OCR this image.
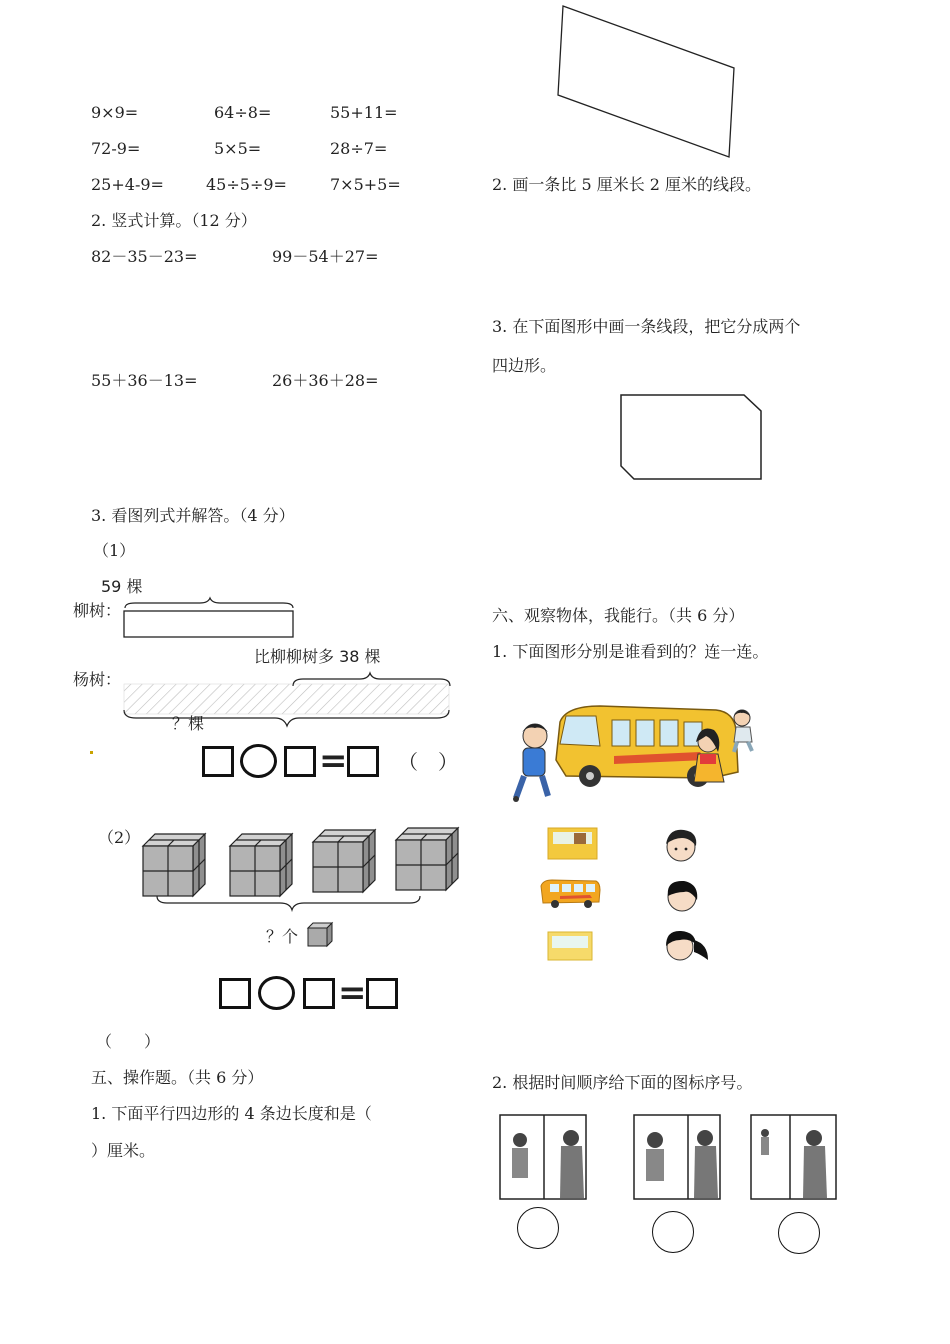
9×9=	64÷8=	55+11=
72-9=	5×5=	28÷7=
25+4-9=	45÷5÷9=	7×5+5=
2. 竖式计算。（12 分）
82－35－23=	99－54＋27=
55＋36－13=	26＋36＋28=
3. 看图列式并解答。（4 分）
（1）
59 棵
柳树：
比柳柳树多 38 棵
杨树：
？棵
=	（　）
（2）
？个
=
（　　）
五、操作题。（共 6 分）
1. 下面平行四边形的 4 条边长度和是（
）厘米。
2. 画一条比 5 厘米长 2 厘米的线段。
3. 在下面图形中画一条线段，把它分成两个
四边形。
六、观察物体，我能行。（共 6 分）
1. 下面图形分别是谁看到的？连一连。
2. 根据时间顺序给下面的图标序号。
